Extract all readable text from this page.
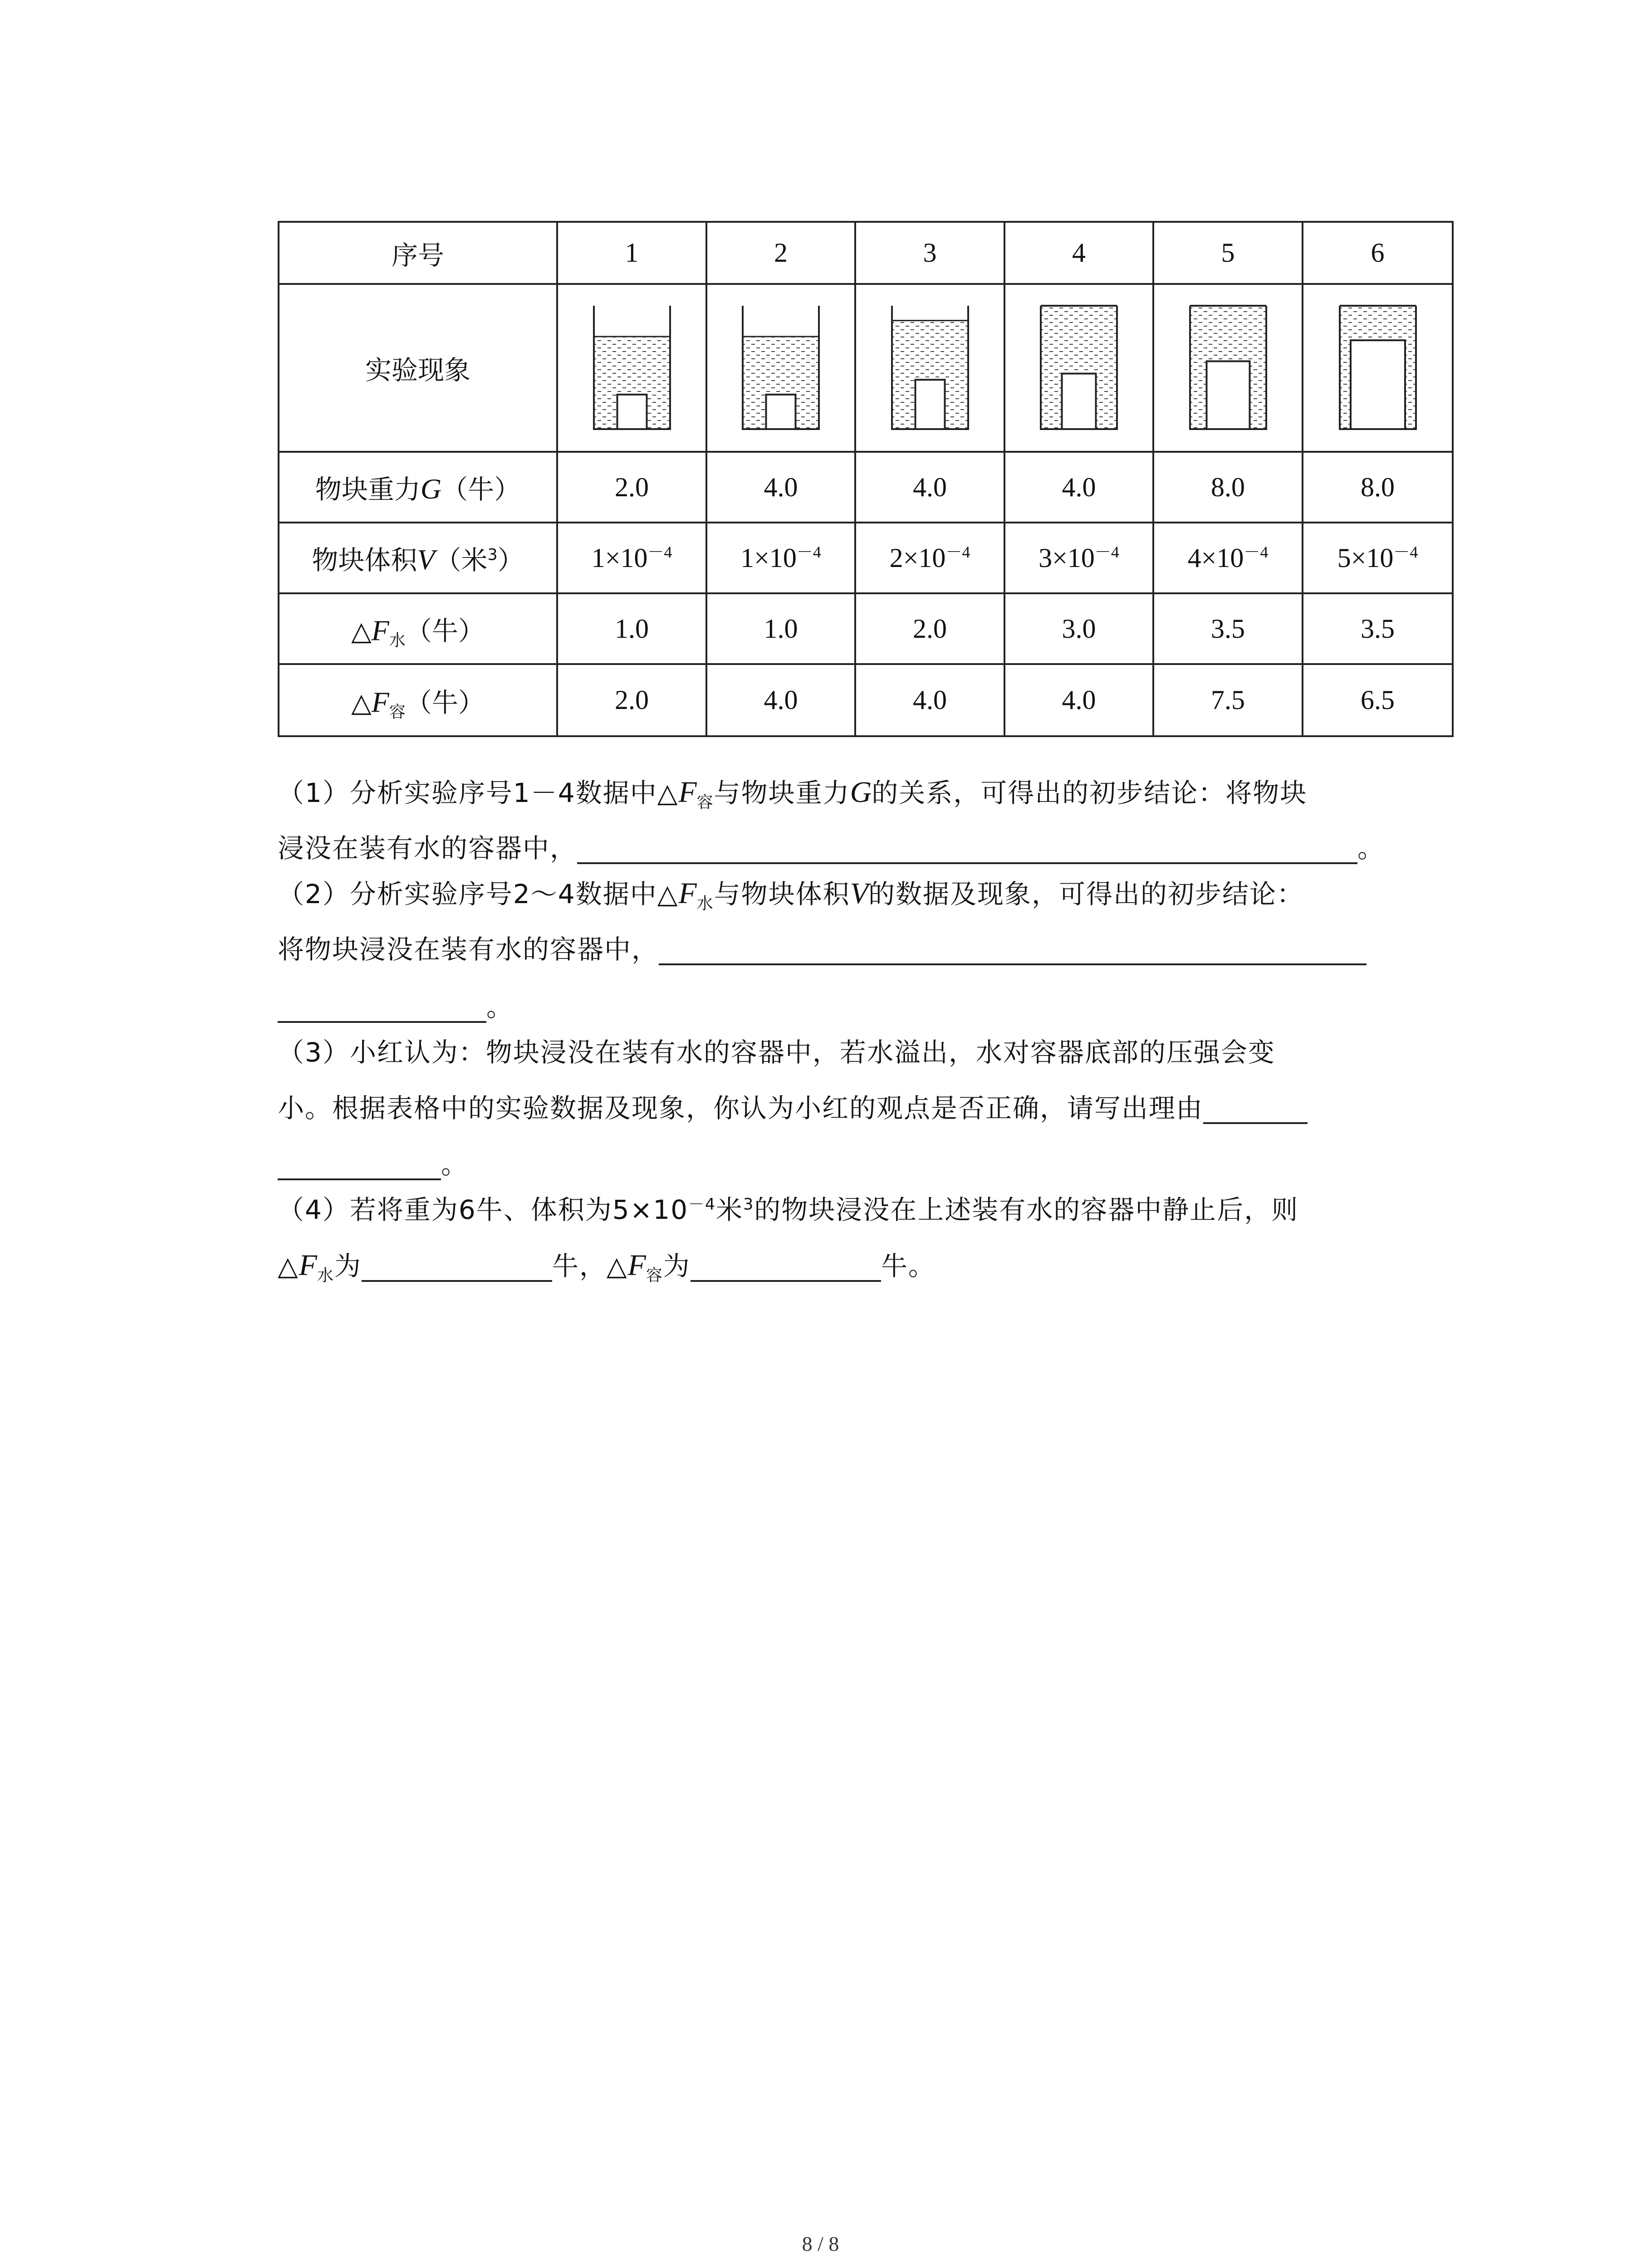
序号	1	2	3	4	5	6
实验现象	

物块重力G（牛）	2.0	4.0	4.0	4.0	8.0	8.0
物块体积V（米$^3$）	$1\times 10^{-4}$	$1\times 10^{-4}$	$2\times 10^{-4}$	$3\times 10^{-4}$	$4\times 10^{-4}$	$5\times 10^{-4}$
$\triangle F_水$（牛）	1.0	1.0	2.0	3.0	3.5	3.5
$\triangle F_容$（牛）	2.0	4.0	4.0	4.0	7.5	6.5
（1）分析实验序号1－4数据中$\triangle F_容$与物块重力G的关系，可得出的初步结论：将物块
浸没在装有水的容器中，	。
（2）分析实验序号2～4数据中$\triangle F_水$与物块体积V的数据及现象，可得出的初步结论：
将物块浸没在装有水的容器中，
。
（3）小红认为：物块浸没在装有水的容器中，若水溢出，水对容器底部的压强会变
小。根据表格中的实验数据及现象，你认为小红的观点是否正确，请写出理由
。
（4）若将重为6牛、体积为$5\times 10^{-4}$米$^3$的物块浸没在上述装有水的容器中静止后，则
$\triangle F_水$为	牛，$\triangle F_容$为	牛。
8 / 8
